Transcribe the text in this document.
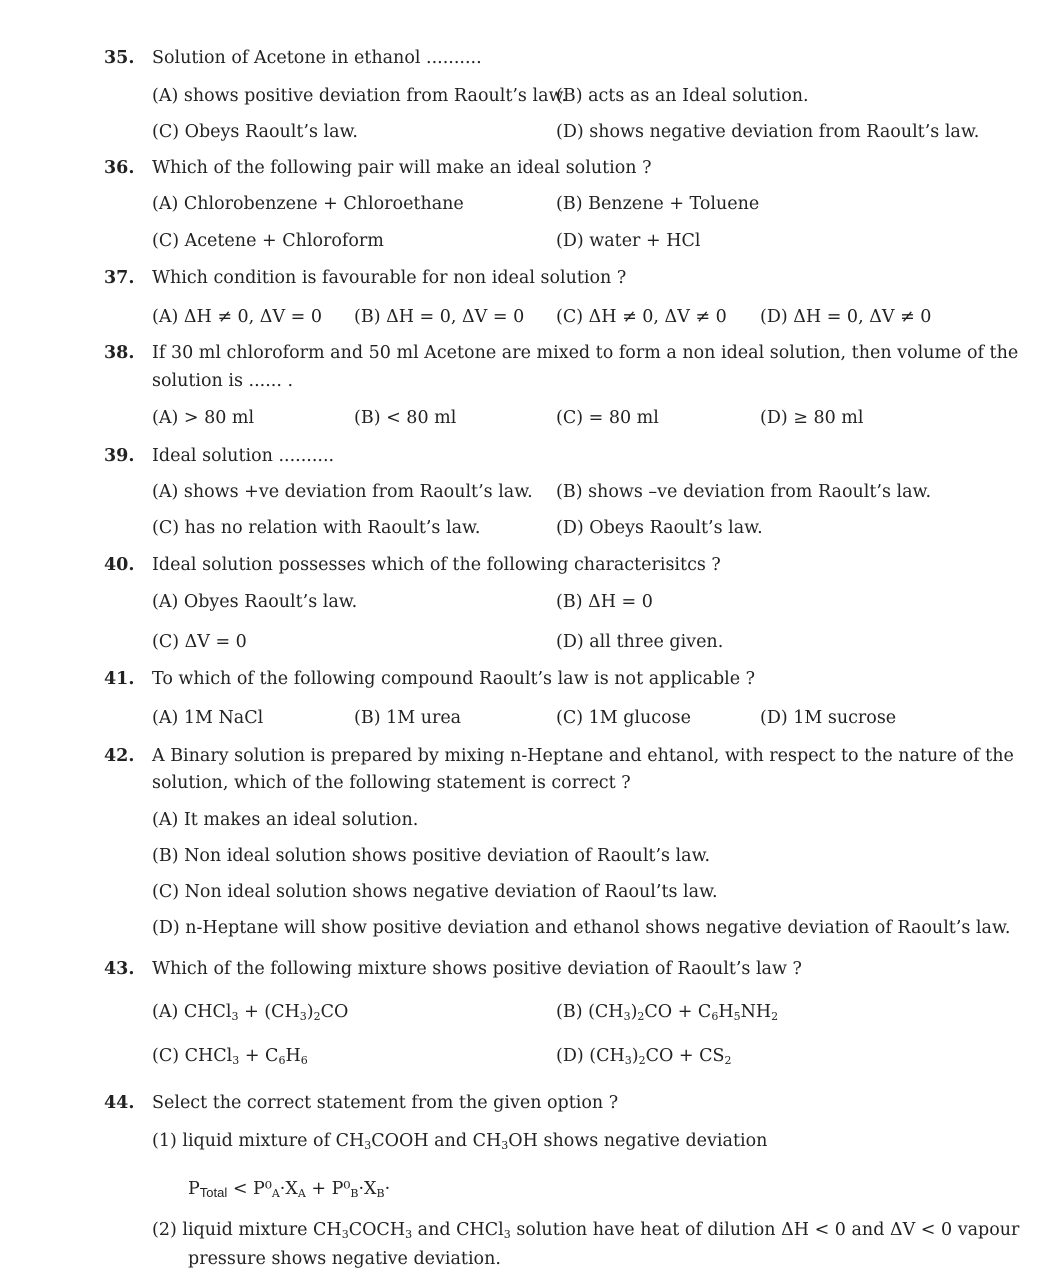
35. Solution of Acetone in ethanol ..........
(A) shows positive deviation from Raoult’s law.
(B) acts as an Ideal solution.
(C) Obeys Raoult’s law.	(D) shows negative deviation from Raoult’s law.
36. Which of the following pair will make an ideal solution ?
(A) Chlorobenzene + Chloroethane	(B) Benzene + Toluene
(C) Acetene + Chloroform	(D) water + HCl
37. Which condition is favourable for non ideal solution ?
(A) ΔH ≠ 0, ΔV = 0 (B) ΔH = 0, ΔV = 0 (C) ΔH ≠ 0, ΔV ≠ 0 (D) ΔH = 0, ΔV ≠ 0
38. If 30 ml chloroform and 50 ml Acetone are mixed to form a non ideal solution, then volume of the
solution is ...... .
(A) > 80 ml	(B) < 80 ml	(C) = 80 ml	(D) ≥ 80 ml
39. Ideal solution ..........
(A) shows +ve deviation from Raoult’s law. (B) shows –ve deviation from Raoult’s law.
(C) has no relation with Raoult’s law.	(D) Obeys Raoult’s law.
40. Ideal solution possesses which of the following characterisitcs ?
(A) Obyes Raoult’s law.	(B) ΔH = 0
(C) ΔV = 0	(D) all three given.
41. To which of the following compound Raoult’s law is not applicable ?
(A) 1M NaCl	(B) 1M urea	(C) 1M glucose	(D) 1M sucrose
42. A Binary solution is prepared by mixing n-Heptane and ehtanol, with respect to the nature of the
solution, which of the following statement is correct ?
(A) It makes an ideal solution.
(B) Non ideal solution shows positive deviation of Raoult’s law.
(C) Non ideal solution shows negative deviation of Raoul’ts law.
(D) n-Heptane will show positive deviation and ethanol shows negative deviation of Raoult’s law.
43. Which of the following mixture shows positive deviation of Raoult’s law ?
(A) CHCl$_3$ + $(CH_3)_2CO$	(B) $(CH_3)_2CO + C_6H_5NH_2$
(C) CHCl$_3$ + $C_6H_6$	(D) $(CH_3)_2CO + CS_2$
44. Select the correct statement from the given option ?
(1) liquid mixture of $CH_3COOH$ and $CH_3OH$ shows negative deviation
$P_{Total} < P^0_A\cdot X_A + P^0_B\cdot X_B\cdot$
(2) liquid mixture $CH_3COCH_3$ and CHCl$_3$ solution have heat of dilution ΔH < 0 and ΔV < 0 vapour
pressure shows negative deviation.
